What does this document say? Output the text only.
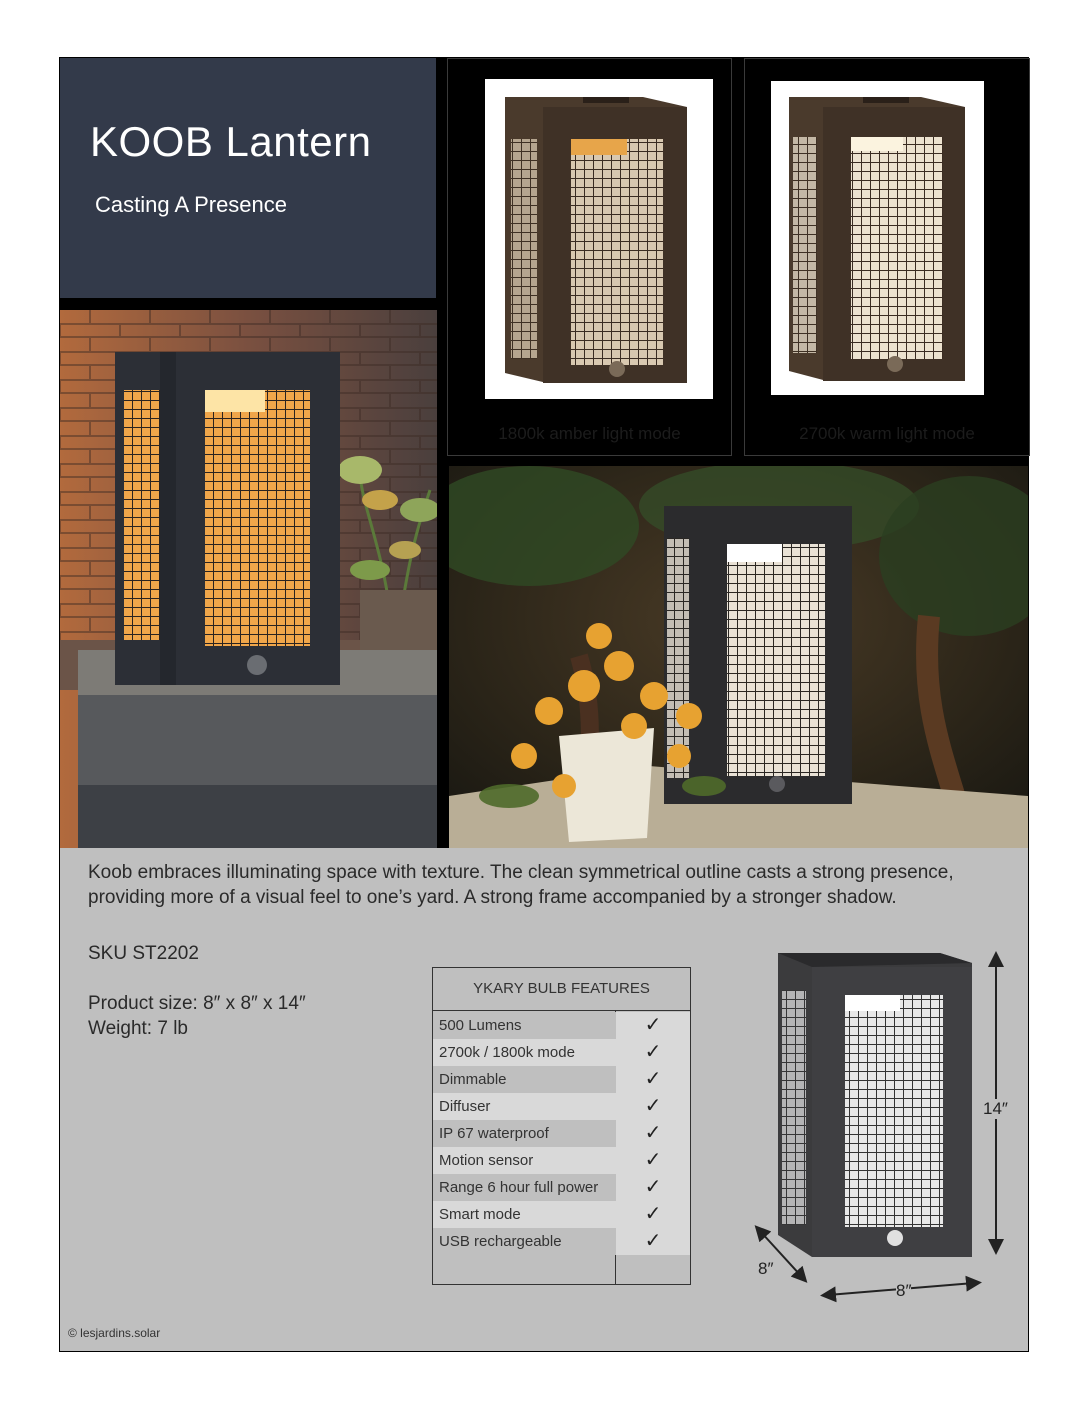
KOOB Lantern
Casting A Presence
1800k amber light mode	2700k warm light mode
Koob embraces illuminating space with texture. The clean symmetrical outline casts a strong presence, providing more of a visual feel to one’s yard. A strong frame accompanied by a stronger shadow.
SKU ST2202
Product size: 8″ x 8″ x 14″
Weight: 7 lb
YKARY BULB FEATURES
500 Lumens	✓
2700k / 1800k mode	✓
Dimmable	✓
Diffuser	✓
IP 67 waterproof	✓
Motion sensor	✓
Range 6 hour full power	✓
Smart mode	✓
USB rechargeable	✓
14″
8″
8″
© lesjardins.solar
